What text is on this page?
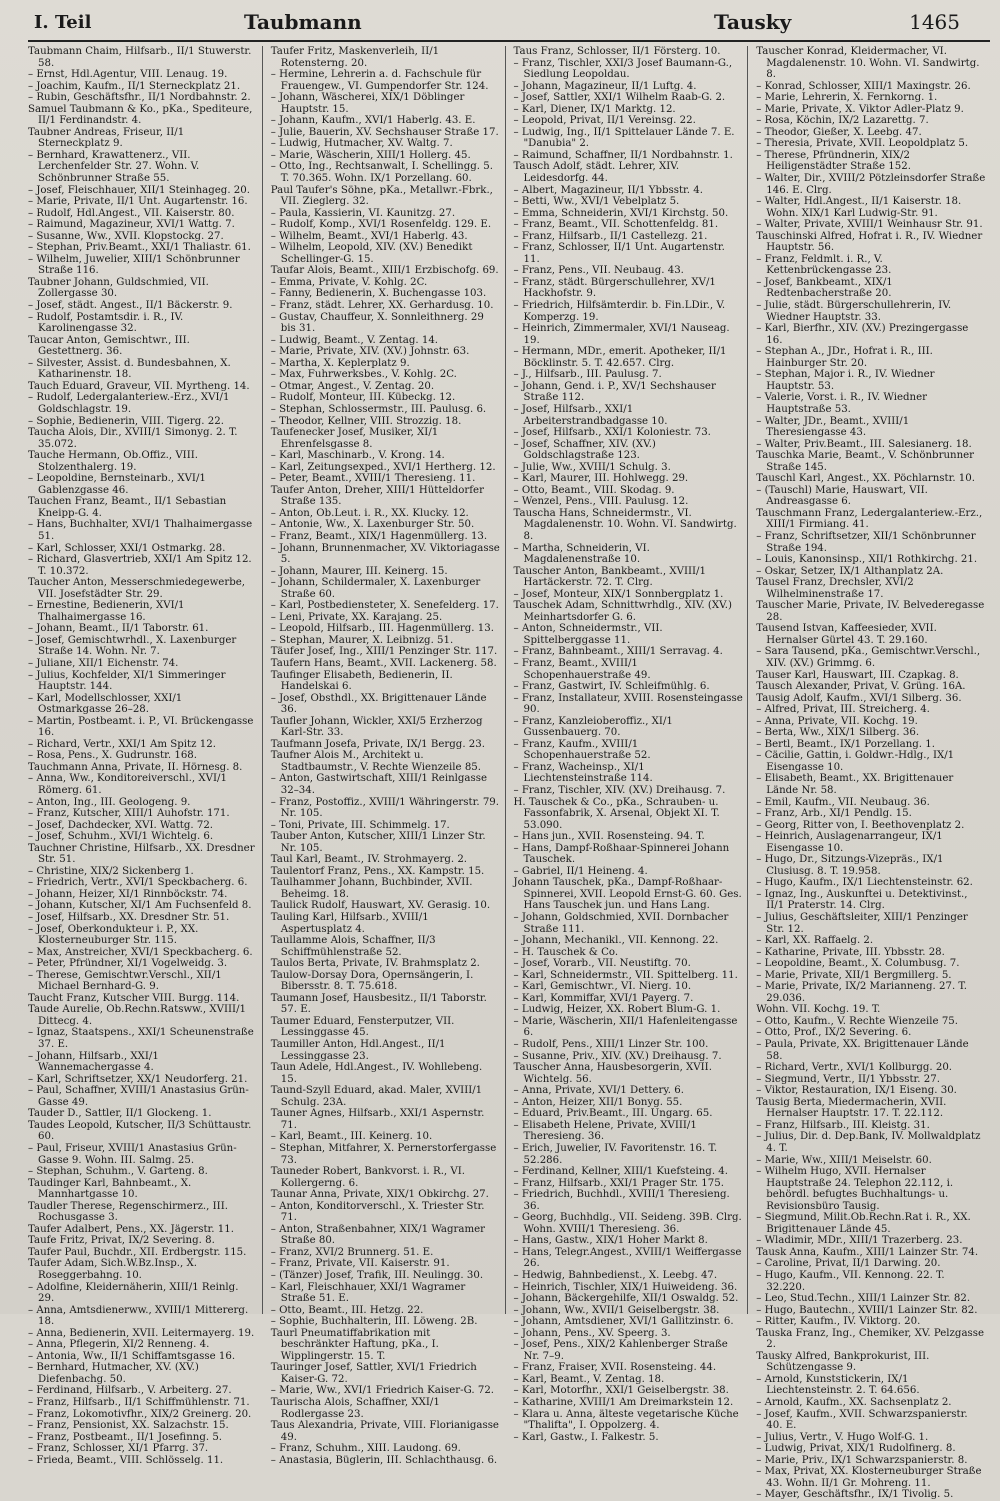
I. Teil	Taubmann	Tausky	1465

Taubmann Chaim, Hilfsarb., II/1 Stuwerstr. 58.

– Ernst, Hdl.Agentur, VIII. Lenaug. 19.

– Joachim, Kaufm., II/1 Sterneckplatz 21.

– Rubin, Geschäftsfhr., II/1 Nordbahnstr. 2.

Samuel Taubmann & Ko., pKa., Spediteure, II/1 Ferdinandstr. 4.

Taubner Andreas, Friseur, II/1 Sterneckplatz 9.

– Bernhard, Krawattenerz., VII. Lerchenfelder Str. 27. Wohn. V. Schönbrunner Straße 55.

– Josef, Fleischhauer, XII/1 Steinhageg. 20.

– Marie, Private, II/1 Unt. Augartenstr. 16.

– Rudolf, Hdl.Angest., VII. Kaiserstr. 80.

– Raimund, Magazineur, XVI/1 Wattg. 7.

– Susanne, Ww., XVII. Klopstockg. 27.

– Stephan, Priv.Beamt., XXI/1 Thaliastr. 61.

– Wilhelm, Juwelier, XIII/1 Schönbrunner Straße 116.

Taubner Johann, Guldschmied, VII. Zollergasse 30.

– Josef, städt. Angest., II/1 Bäckerstr. 9.

– Rudolf, Postamtsdir. i. R., IV. Karolinengasse 32.

Taucar Anton, Gemischtwr., III. Gestettnerg. 36.

– Silvester, Assist. d. Bundesbahnen, X. Katharinenstr. 18.

Tauch Eduard, Graveur, VII. Myrtheng. 14.

– Rudolf, Ledergalanteriew.-Erz., XVI/1 Goldschlagstr. 19.

– Sophie, Bedienerin, VIII. Tigerg. 22.

Taucha Alois, Dir., XVIII/1 Simonyg. 2. T. 35.072.

Tauche Hermann, Ob.Offiz., VIII. Stolzenthalerg. 19.

– Leopoldine, Bernsteinarb., XVI/1 Gablenzgasse 46.

Tauchen Franz, Beamt., II/1 Sebastian Kneipp-G. 4.

– Hans, Buchhalter, XVI/1 Thalhaimergasse 51.

– Karl, Schlosser, XXI/1 Ostmarkg. 28.

– Richard, Glasvertrieb, XXI/1 Am Spitz 12. T. 10.372.

Taucher Anton, Messerschmiedegewerbe, VII. Josefstädter Str. 29.

– Ernestine, Bedienerin, XVI/1 Thalhaimergasse 16.

– Johann, Beamt., II/1 Taborstr. 61.

– Josef, Gemischtwrhdl., X. Laxenburger Straße 14. Wohn. Nr. 7.

– Juliane, XII/1 Eichenstr. 74.

– Julius, Kochfelder, XI/1 Simmeringer Hauptstr. 144.

– Karl, Modellschlosser, XXI/1 Ostmarkgasse 26–28.

– Martin, Postbeamt. i. P., VI. Brückengasse 16.

– Richard, Vertr., XXI/1 Am Spitz 12.

– Rosa, Pens., X. Gudrunstr. 168.

Tauchmann Anna, Private, II. Hörnesg. 8.

– Anna, Ww., Konditoreiverschl., XVI/1 Römerg. 61.

– Anton, Ing., III. Geologeng. 9.

– Franz, Kutscher, XIII/1 Auhofstr. 171.

– Josef, Dachdecker, XVI. Wattg. 72.

– Josef, Schuhm., XVI/1 Wichtelg. 6.

Tauchner Christine, Hilfsarb., XX. Dresdner Str. 51.

– Christine, XIX/2 Sickenberg 1.

– Friedrich, Vertr., XVI/1 Speckbacherg. 6.

– Johann, Heizer, XI/1 Rinnböckstr. 74.

– Johann, Kutscher, XI/1 Am Fuchsenfeld 8.

– Josef, Hilfsarb., XX. Dresdner Str. 51.

– Josef, Oberkondukteur i. P., XX. Klosterneuburger Str. 115.

– Max, Anstreicher, XVI/1 Speckbacherg. 6.

– Peter, Pfründner, XI/1 Vogelweidg. 3.

– Therese, Gemischtwr.Verschl., XII/1 Michael Bernhard-G. 9.

Taucht Franz, Kutscher VIII. Burgg. 114.

Taude Aurelie, Ob.Rechn.Ratsww., XVIII/1 Ditteсg. 4.

– Ignaz, Staatspens., XXI/1 Scheunenstraße 37. E.

– Johann, Hilfsarb., XXI/1 Wannemachergasse 4.

– Karl, Schriftsetzer, XX/1 Neudorferg. 21.

– Paul, Schaffner, XVIII/1 Anastasius Grün-Gasse 49.

Tauder D., Sattler, II/1 Glockeng. 1.

Taudes Leopold, Kutscher, II/3 Schüttaustr. 60.

– Paul, Friseur, XVIII/1 Anastasius Grün-Gasse 9. Wohn. III. Salmg. 25.

– Stephan, Schuhm., V. Gartеng. 8.

Taudinger Karl, Bahnbeamt., X. Mannhartgasse 10.

Taudler Therese, Regenschirmerz., III. Rochusgasse 3.

Taufer Adalbert, Pens., XX. Jägerstr. 11.

Taufe Fritz, Privat, IX/2 Severing. 8.

Taufer Paul, Buchdr., XII. Erdbergstr. 115.

Taufer Adam, Sich.W.Bz.Insp., X. Roseggerbahng. 10.

– Adolfine, Kleidernäherin, XIII/1 Reinlg. 29.

– Anna, Amtsdienerww., XVIII/1 Mittererg. 18.

– Anna, Bedienerin, XVII. Leitermayerg. 19.

– Anna, Pflegerin, XI/2 Renneng. 4.

– Antonia, Ww., II/1 Schiffamtsgasse 16.

– Bernhard, Hutmacher, XV. (XV.) Diefenbachg. 50.

– Ferdinand, Hilfsarb., V. Arbeiterg. 27.

– Franz, Hilfsarb., II/1 Schiffmühlenstr. 71.

– Franz, Lokomotivfhr., XIX/2 Greinerg. 20.

– Franz, Pensionist, XX. Salzachstr. 15.

– Franz, Postbeamt., II/1 Josefinng. 5.

– Franz, Schlosser, XI/1 Pfarrg. 37.

– Frieda, Beamt., VIII. Schlösselg. 11.

Taufer Fritz, Maskenverleih, II/1 Rotensterng. 20.

– Hermine, Lehrerin a. d. Fachschule für Frauengew., VI. Gumpendorfer Str. 124.

– Johann, Wäscherei, XIX/1 Döblinger Hauptstr. 15.

– Johann, Kaufm., XVI/1 Haberlg. 43. E.

– Julie, Bauerin, XV. Sechshauser Straße 17.

– Ludwig, Hutmacher, XV. Waltg. 7.

– Marie, Wäscherin, XIII/1 Hollerg. 45.

– Otto, Ing., Rechtsanwalt, I. Schellingg. 5. T. 70.365. Wohn. IX/1 Porzellang. 60.

Paul Taufer's Söhne, pKa., Metallwr.-Fbrk., VII. Zieglerg. 32.

– Paula, Kassierin, VI. Kaunitzg. 27.

– Rudolf, Komp., XVI/1 Rosenfeldg. 129. E.

– Wilhelm, Beamt., XVI/1 Haberlg. 43.

– Wilhelm, Leopold, XIV. (XV.) Benedikt Schellinger-G. 15.

Taufar Alois, Beamt., XIII/1 Erzbischofg. 69.

– Emma, Private, V. Kohlg. 2C.

– Fanny, Bedienerin, X. Buchengasse 103.

– Franz, städt. Lehrer, XX. Gerhardusg. 10.

– Gustav, Chauffeur, X. Sonnleithnerg. 29 bis 31.

– Ludwig, Beamt., V. Zentag. 14.

– Marie, Private, XIV. (XV.) Johnstr. 63.

– Martha, X. Keplerplatz 9.

– Max, Fuhrwerksbes., V. Kohlg. 2C.

– Otmar, Angest., V. Zentag. 20.

– Rudolf, Monteur, III. Kübeckg. 12.

– Stephan, Schlossermstr., III. Paulusg. 6.

– Theodor, Kellner, VIII. Strozzig. 18.

Taufenecker Josef, Musiker, XI/1 Ehrenfelsgasse 8.

– Karl, Maschinarb., V. Krong. 14.

– Karl, Zeitungsexped., XVI/1 Hertherg. 12.

– Peter, Beamt., XVIII/1 Theresieng. 11.

Taufer Anton, Dreher, XIII/1 Hütteldorfer Straße 135.

– Anton, Ob.Leut. i. R., XX. Klucky. 12.

– Antonie, Ww., X. Laxenburger Str. 50.

– Franz, Beamt., XIX/1 Hagenmüllerg. 13.

– Johann, Brunnenmacher, XV. Viktoriagasse 5.

– Johann, Maurer, III. Keinerg. 15.

– Johann, Schildermaler, X. Laxenburger Straße 60.

– Karl, Postbediensteter, X. Senefelderg. 17.

– Leni, Private, XX. Karajang. 25.

– Leopold, Hilfsarb., III. Hagenmüllerg. 13.

– Stephan, Maurer, X. Leibnizg. 51.

Täufer Josef, Ing., XIII/1 Penzinger Str. 117.

Taufern Hans, Beamt., XVII. Lackenerg. 58.

Taufinger Elisabeth, Bedienerin, II. Handelskai 6.

– Josef, Obsthdl., XX. Brigittenauer Lände 36.

Taufler Johann, Wickler, XXI/5 Erzherzog Karl-Str. 33.

Taufmann Josefa, Private, IX/1 Bergg. 23.

Taufner Alois M., Architekt u. Stadtbaumstr., V. Rechte Wienzeile 85.

– Anton, Gastwirtschaft, XIII/1 Reinlgasse 32–34.

– Franz, Postoffiz., XVIII/1 Währingerstr. 79. Nr. 105.

– Toni, Private, III. Schimmelg. 17.

Tauber Anton, Kutscher, XIII/1 Linzer Str. Nr. 105.

Taul Karl, Beamt., IV. Strohmayerg. 2.

Taulentorf Franz, Pens., XX. Kampstr. 15.

Taulhammer Johann, Buchbinder, XVII. Beheimg. 18.

Taulick Rudolf, Hauswart, XV. Gerasig. 10.

Tauling Karl, Hilfsarb., XVIII/1 Aspertusplatz 4.

Taullamme Alois, Schaffner, II/3 Schiffmühlenstraße 52.

Taulos Berta, Private, IV. Brahmsplatz 2.

Taulow-Dorsay Dora, Opernsängerin, I. Bibersstr. 8. T. 75.618.

Taumann Josef, Hausbesitz., II/1 Taborstr. 57. E.

Taumer Eduard, Fensterputzer, VII. Lessinggasse 45.

Taumiller Anton, Hdl.Angest., II/1 Lessinggasse 23.

Taun Adele, Hdl.Angest., IV. Wohllebeng. 15.

Taund-Szyll Eduard, akad. Maler, XVIII/1 Schulg. 23A.

Tauner Agnes, Hilfsarb., XXI/1 Aspernstr. 71.

– Karl, Beamt., III. Keinerg. 10.

– Stephan, Mitfahrer, X. Pernerstorfergasse 73.

Tauneder Robert, Bankvorst. i. R., VI. Kollergerng. 6.

Taunar Anna, Private, XIX/1 Obkirchg. 27.

– Anton, Konditorverschl., X. Triester Str. 71.

– Anton, Straßenbahner, XIX/1 Wagramer Straße 80.

– Franz, XVI/2 Brunnerg. 51. E.

– Franz, Private, VII. Kaiserstr. 91.

– (Tänzer) Josef, Trafik, III. Neulingg. 30.

– Karl, Fleischhauer, XXI/1 Wagramer Straße 51. E.

– Otto, Beamt., III. Hetzg. 22.

– Sophie, Buchhalterin, III. Löweng. 2B.

Taurl Pneumatiffabrikation mit beschränkter Haftung, pKa., I. Wipplingerstr. 15. T.

Tauringer Josef, Sattler, XVI/1 Friedrich Kaiser-G. 72.

– Marie, Ww., XVI/1 Friedrich Kaiser-G. 72.

Taurischa Alois, Schaffner, XXI/1 Rodlergasse 23.

Taus Alexandria, Private, VIII. Florianigasse 49.

– Franz, Schuhm., XIII. Laudong. 69.

– Anastasia, Büglerin, III. Schlachthausg. 6.

Taus Franz, Schlosser, II/1 Försterg. 10.

– Franz, Tischler, XXI/3 Josef Baumann-G., Siedlung Leopoldau.

– Johann, Magazineur, II/1 Luftg. 4.

– Josef, Sattler, XXI/1 Wilhelm Raab-G. 2.

– Karl, Diener, IX/1 Marktg. 12.

– Leopold, Privat, II/1 Vereinsg. 22.

– Ludwig, Ing., II/1 Spittelauer Lände 7. E. "Danubia" 2.

– Raimund, Schaffner, II/1 Nordbahnstr. 1.

Tausch Adolf, städt. Lehrer, XIV. Leidesdorfg. 44.

– Albert, Magazineur, II/1 Ybbsstr. 4.

– Betti, Ww., XVI/1 Vebelplatz 5.

– Emma, Schneiderin, XVI/1 Kirchstg. 50.

– Franz, Beamt., VII. Schottenfeldg. 81.

– Franz, Hilfsarb., II/1 Castellezg. 21.

– Franz, Schlosser, II/1 Unt. Augartenstr. 11.

– Franz, Pens., VII. Neubaug. 43.

– Franz, städt. Bürgerschullehrer, XV/1 Hackhofstr. 9.

– Friedrich, Hilfsämterdir. b. Fin.LDir., V. Komperzg. 19.

– Heinrich, Zimmermaler, XVI/1 Nauseag. 19.

– Hermann, MDr., emerit. Apotheker, II/1 Böcklinstr. 5. T. 42.657. Clrg.

– J., Hilfsarb., III. Paulusg. 7.

– Johann, Gend. i. P., XV/1 Sechshauser Straße 112.

– Josef, Hilfsarb., XXI/1 Arbeiterstrandbadgasse 10.

– Josef, Hilfsarb., XXI/1 Koloniestr. 73.

– Josef, Schaffner, XIV. (XV.) Goldschlagstraße 123.

– Julie, Ww., XVIII/1 Schulg. 3.

– Karl, Maurer, III. Hohlwegg. 29.

– Otto, Beamt., VIII. Skodag. 9.

– Wenzel, Pens., VIII. Paulusg. 12.

Tauscha Hans, Schneidermstr., VI. Magdalenenstr. 10. Wohn. VI. Sandwirtg. 8.

– Martha, Schneiderin, VI. Magdalenenstraße 10.

Tauscher Anton, Bankbeamt., XVIII/1 Hartäckerstr. 72. T. Clrg.

– Josef, Monteur, XIX/1 Sonnbergplatz 1.

Tauschek Adam, Schnittwrhdlg., XIV. (XV.) Meinhartsdorfer G. 6.

– Anton, Schneidermstr., VII. Spittelberggasse 11.

– Franz, Bahnbeamt., XIII/1 Serravag. 4.

– Franz, Beamt., XVIII/1 Schopenhauerstraße 49.

– Franz, Gastwirt, IV. Schleifmühlg. 6.

– Franz, Installateur, XVIII. Rosensteingasse 90.

– Franz, Kanzleioberoffiz., XI/1 Gussenbauerg. 70.

– Franz, Kaufm., XVIII/1 Schopenhauerstraße 52.

– Franz, Wacheinsp., XI/1 Liechtensteinstraße 114.

– Franz, Tischler, XIV. (XV.) Dreihausg. 7.

H. Tauschek & Co., pKa., Schrauben- u. Fassonfabrik, X. Arsenal, Objekt XI. T. 53.090.

– Hans jun., XVII. Rosensteing. 94. T.

– Hans, Dampf-Roßhaar-Spinnerei Johann Tauschek.

– Gabriel, II/1 Heineng. 4.

Johann Tauschek, pKa., Dampf-Roßhaar-Spinnerei, XVII. Leopold Ernst-G. 60. Ges. Hans Tauschek jun. und Hans Lang.

– Johann, Goldschmied, XVII. Dornbacher Straße 111.

– Johann, Mechanikl., VII. Kennong. 22.

– H. Tauschek & Co.

– Josef, Vorarb., VII. Neustiftg. 70.

– Karl, Schneidermstr., VII. Spittelberg. 11.

– Karl, Gemischtwr., VI. Nierg. 10.

– Karl, Kommiffar, XVI/1 Payerg. 7.

– Ludwig, Heizer, XX. Robert Blum-G. 1.

– Marie, Wäscherin, XII/1 Hafenleitengasse 6.

– Rudolf, Pens., XIII/1 Linzer Str. 100.

– Susanne, Priv., XIV. (XV.) Dreihausg. 7.

Tauscher Anna, Hausbesorgerin, XVII. Wichtelg. 56.

– Anna, Private, XVI/1 Dettery. 6.

– Anton, Heizer, XII/1 Bonyg. 55.

– Eduard, Priv.Beamt., III. Ungarg. 65.

– Elisabeth Helene, Private, XVIII/1 Theresieng. 36.

– Erich, Juwelier, IV. Favoritenstr. 16. T. 52.286.

– Ferdinand, Kellner, XIII/1 Kuefsteing. 4.

– Franz, Hilfsarb., XXI/1 Prager Str. 175.

– Friedrich, Buchhdl., XVIII/1 Theresieng. 36.

– Georg, Buchhdlg., VII. Seideng. 39B. Clrg. Wohn. XVIII/1 Theresieng. 36.

– Hans, Gastw., XIX/1 Hoher Markt 8.

– Hans, Telegr.Angest., XVIII/1 Weiffergasse 26.

– Hedwig, Bahnbedienst., X. Leebg. 47.

– Heinrich, Tischler, XIX/1 Huiweideng. 36.

– Johann, Bäckergehilfe, XII/1 Oswaldg. 52.

– Johann, Ww., XVII/1 Geiselbergstr. 38.

– Johann, Amtsdiener, XVI/1 Gallitzinstr. 6.

– Johann, Pens., XV. Speerg. 3.

– Josef, Pens., XIX/2 Kahlenberger Straße Nr. 7–9.

– Franz, Fraiser, XVII. Rosensteing. 44.

– Karl, Beamt., V. Zentag. 18.

– Karl, Motorfhr., XXI/1 Geiselbergstr. 38.

– Katharine, XVIII/1 Am Dreimarkstein 12.

– Klara u. Anna, älteste vegetarische Küche "Thalifta", I. Oppolzerg. 4.

– Karl, Gastw., I. Falkestr. 5.

Tauscher Konrad, Kleidermacher, VI. Magdalenenstr. 10. Wohn. VI. Sandwirtg. 8.

– Konrad, Schlosser, XIII/1 Maxingstr. 26.

– Marie, Lehrerin, X. Fernkorng. 1.

– Marie, Private, X. Viktor Adler-Platz 9.

– Rosa, Köchin, IX/2 Lazarettg. 7.

– Theodor, Gießer, X. Leebg. 47.

– Theresia, Private, XVII. Leopoldplatz 5.

– Therese, Pfründnerin, XIX/2 Heiligenstädter Straße 152.

– Walter, Dir., XVIII/2 Pötzleinsdorfer Straße 146. E. Clrg.

– Walter, Hdl.Angest., II/1 Kaiserstr. 18. Wohn. XIX/1 Karl Ludwig-Str. 91.

– Walter, Private, XVIII/1 Weinhausr Str. 91.

Tauschinski Alfred, Hofrat i. R., IV. Wiedner Hauptstr. 56.

– Franz, Feldmlt. i. R., V. Kettenbrückengasse 23.

– Josef, Bankbeamt., XIX/1 Redtenbacherstraße 20.

– Julie, städt. Bürgerschullehrerin, IV. Wiedner Hauptstr. 33.

– Karl, Bierfhr., XIV. (XV.) Prezingergasse 16.

– Stephan A., JDr., Hofrat i. R., III. Hainburger Str. 20.

– Stephan, Major i. R., IV. Wiedner Hauptstr. 53.

– Valerie, Vorst. i. R., IV. Wiedner Hauptstraße 53.

– Walter, JDr., Beamt., XVIII/1 Theresiengasse 43.

– Walter, Priv.Beamt., III. Salesianerg. 18.

Tauschka Marie, Beamt., V. Schönbrunner Straße 145.

Tauschl Karl, Angest., XX. Pöchlarnstr. 10.

– (Tauschl) Marie, Hauswart, VII. Andreasgasse 6.

Tauschmann Franz, Ledergalanteriew.-Erz., XIII/1 Firmiang. 41.

– Franz, Schriftsetzer, XII/1 Schönbrunner Straße 194.

– Louis, Kanonsinsp., XII/1 Rothkirchg. 21.

– Oskar, Setzer, IX/1 Althanplatz 2A.

Tausel Franz, Drechsler, XVI/2 Wilhelminenstraße 17.

Tauscher Marie, Private, IV. Belvederegasse 28.

Tausend Istvan, Kaffeesieder, XVII. Hernalser Gürtel 43. T. 29.160.

– Sara Tausend, pKa., Gemischtwr.Verschl., XIV. (XV.) Grimmg. 6.

Tauser Karl, Hauswart, III. Czapkag. 8.

Tausch Alexander, Privat, V. Grüng. 16A.

Tausig Adolf, Kaufm., XVI/1 Silberg. 36.

– Alfred, Privat, III. Streicherg. 4.

– Anna, Private, VII. Kochg. 19.

– Berta, Ww., XIX/1 Silberg. 36.

– Bertl, Beamt., IX/1 Porzellang. 1.

– Cäcilie, Gattin, i. Goldwr.-Hdlg., IX/1 Eisengasse 10.

– Elisabeth, Beamt., XX. Brigittenauer Lände Nr. 58.

– Emil, Kaufm., VII. Neubaug. 36.

– Franz, Arb., XI/1 Pendlg. 15.

– Georg, Ritter von, I. Beethovenplatz 2.

– Heinrich, Auslagenarrangeur, IX/1 Eisengasse 10.

– Hugo, Dr., Sitzungs-Vizepräs., IX/1 Clusiusg. 8. T. 19.958.

– Hugo, Kaufm., IX/1 Liechtensteinstr. 62.

– Ignaz, Ing., Auskunftei u. Detektivinst., II/1 Praterstr. 14. Clrg.

– Julius, Geschäftsleiter, XIII/1 Penzinger Str. 12.

– Karl, XX. Raffaelg. 2.

– Katharine, Private, III. Ybbsstr. 28.

– Leopoldine, Beamt., X. Columbusg. 7.

– Marie, Private, XII/1 Bergmillerg. 5.

– Marie, Private, IX/2 Mariannеng. 27. T. 29.036.

Wohn. VII. Kochg. 19. T.

– Otto, Kaufm., V. Rechte Wienzeile 75.

– Otto, Prof., IX/2 Severing. 6.

– Paula, Private, XX. Brigittenauer Lände 58.

– Richard, Vertr., XVI/1 Kollburgg. 20.

– Siegmund, Vertr., II/1 Ybbsstr. 27.

– Viktor, Restauration, IX/1 Eiseng. 30.

Tausig Berta, Miedermacherin, XVII. Hernalser Hauptstr. 17. T. 22.112.

– Franz, Hilfsarb., III. Kleistg. 31.

– Julius, Dir. d. Dep.Bank, IV. Mollwaldplatz 4. T.

– Marie, Ww., XIII/1 Meiselstr. 60.

– Wilhelm Hugo, XVII. Hernalser Hauptstraße 24. Telephon 22.112, i. behördl. befugtes Buchhaltungs- u. Revisionsbüro Tausig.

– Siegmund, Milit.Ob.Rechn.Rat i. R., XX. Brigittenauer Lände 45.

– Wladimir, MDr., XIII/1 Trazerberg. 23.

Tausk Anna, Kaufm., XIII/1 Lainzer Str. 74.

– Caroline, Privat, II/1 Darwing. 20.

– Hugo, Kaufm., VII. Kennong. 22. T. 32.220.

– Leo, Stud.Techn., XIII/1 Lainzer Str. 82.

– Hugo, Bautechn., XVIII/1 Lainzer Str. 82.

– Ritter, Kaufm., IV. Viktorg. 20.

Tauska Franz, Ing., Chemiker, XV. Pelzgasse 2.

Tausky Alfred, Bankprokurist, III. Schützengasse 9.

– Arnold, Kunststickerin, IX/1 Liechtensteinstr. 2. T. 64.656.

– Arnold, Kaufm., XX. Sachsenplatz 2.

– Josef, Kaufm., XVII. Schwarzspanierstr. 40. E.

– Julius, Vertr., V. Hugo Wolf-G. 1.

– Ludwig, Privat, XIX/1 Rudolfinerg. 8.

– Marie, Priv., IX/1 Schwarzspanierstr. 8.

– Max, Privat, XX. Klosterneuburger Straße 43. Wohn. II/1 Gr. Mohreng. 11.

– Mayer, Geschäftsfhr., IX/1 Tivolig. 5.
